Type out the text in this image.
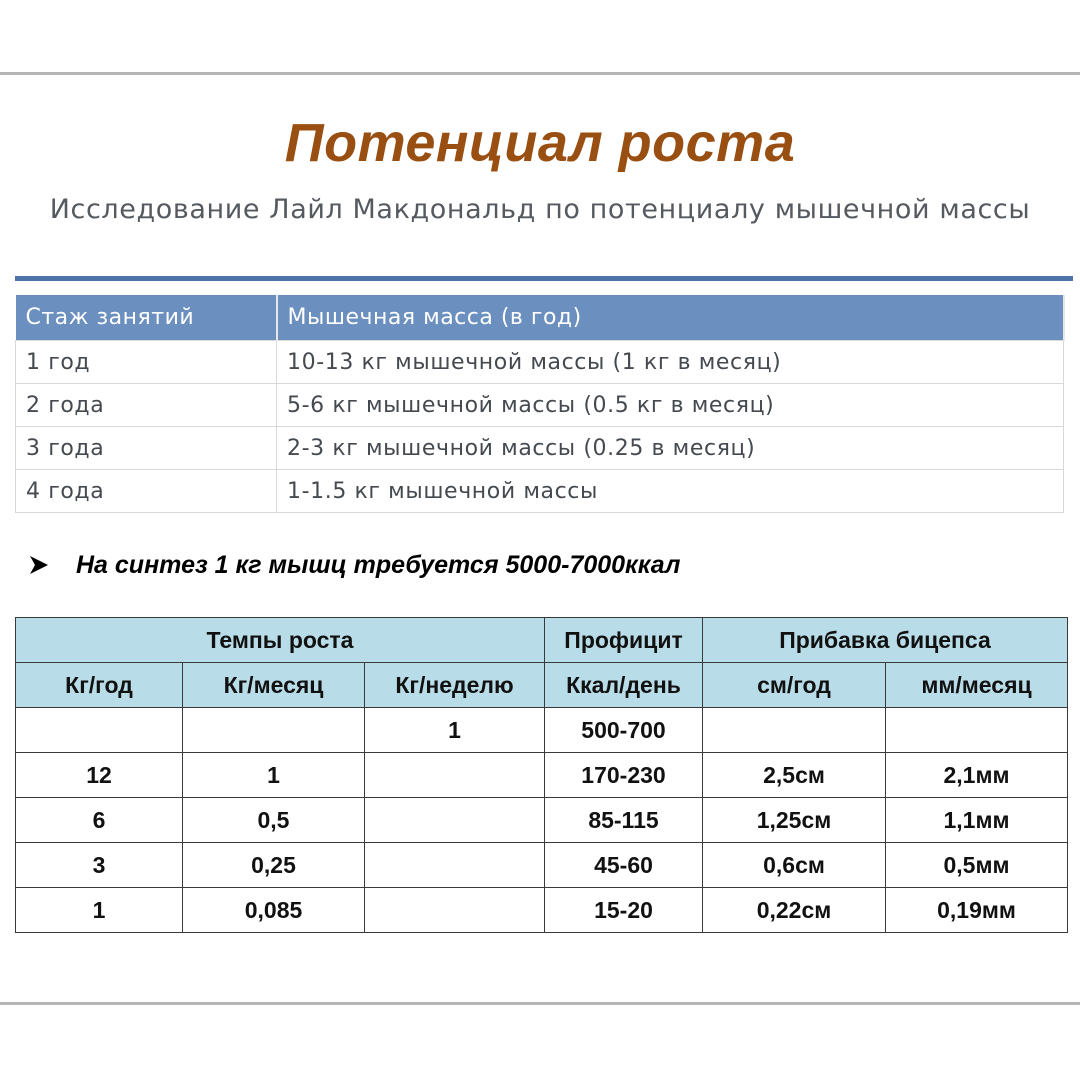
Потенциал роста
Исследование Лайл Макдональд по потенциалу мышечной массы
Стаж занятий	Мышечная масса (в год)
1 год	10-13 кг мышечной массы (1 кг в месяц)
2 года	5-6 кг мышечной массы (0.5 кг в месяц)
3 года	2-3 кг мышечной массы (0.25 в месяц)
4 года	1-1.5 кг мышечной массы
На синтез 1 кг мышц требуется 5000-7000ккал
Темпы роста			Профицит	Прибавка бицепса	
Кг/год	Кг/месяц	Кг/неделю	Ккал/день	см/год	мм/месяц
		1	500-700		
12	1		170-230	2,5см	2,1мм
6	0,5		85-115	1,25см	1,1мм
3	0,25		45-60	0,6см	0,5мм
1	0,085		15-20	0,22см	0,19мм
